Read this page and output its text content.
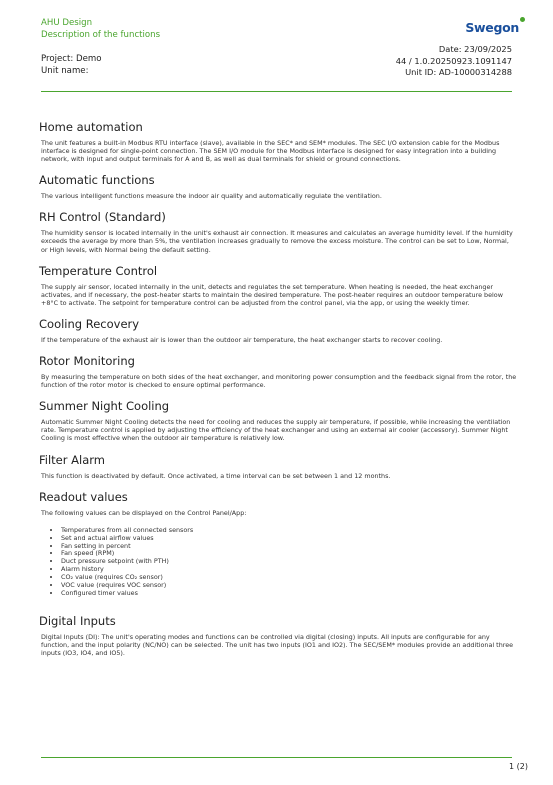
AHU Design
Description of the functions
Project: Demo
Unit name:
Swegon
Date: 23/09/2025
44 / 1.0.20250923.1091147
Unit ID: AD-10000314288
Home automation

The unit features a built-in Modbus RTU interface (slave), available in the SEC* and SEM* modules. The SEC I/O extension cable for the Modbus interface is designed for single-point connection. The SEM I/O module for the Modbus interface is designed for easy integration into a building network, with input and output terminals for A and B, as well as dual terminals for shield or ground connections.

Automatic functions

The various intelligent functions measure the indoor air quality and automatically regulate the ventilation.

RH Control (Standard)

The humidity sensor is located internally in the unit's exhaust air connection. It measures and calculates an average humidity level. If the humidity exceeds the average by more than 5%, the ventilation increases gradually to remove the excess moisture. The control can be set to Low, Normal, or High levels, with Normal being the default setting.

Temperature Control

The supply air sensor, located internally in the unit, detects and regulates the set temperature. When heating is needed, the heat exchanger activates, and if necessary, the post-heater starts to maintain the desired temperature. The post-heater requires an outdoor temperature below +8°C to activate. The setpoint for temperature control can be adjusted from the control panel, via the app, or using the weekly timer.

Cooling Recovery

If the temperature of the exhaust air is lower than the outdoor air temperature, the heat exchanger starts to recover cooling.

Rotor Monitoring

By measuring the temperature on both sides of the heat exchanger, and monitoring power consumption and the feedback signal from the rotor, the function of the rotor motor is checked to ensure optimal performance.

Summer Night Cooling

Automatic Summer Night Cooling detects the need for cooling and reduces the supply air temperature, if possible, while increasing the ventilation rate. Temperature control is applied by adjusting the efficiency of the heat exchanger and using an external air cooler (accessory). Summer Night Cooling is most effective when the outdoor air temperature is relatively low.

Filter Alarm

This function is deactivated by default. Once activated, a time interval can be set between 1 and 12 months.

Readout values

The following values can be displayed on the Control Panel/App:

• Temperatures from all connected sensors
• Set and actual airflow values
• Fan setting in percent
• Fan speed (RPM)
• Duct pressure setpoint (with PTH)
• Alarm history
• CO₂ value (requires CO₂ sensor)
• VOC value (requires VOC sensor)
• Configured timer values
Digital Inputs

Digital Inputs (DI): The unit's operating modes and functions can be controlled via digital (closing) inputs. All inputs are configurable for any function, and the input polarity (NC/NO) can be selected. The unit has two inputs (IO1 and IO2). The SEC/SEM* modules provide an additional three inputs (IO3, IO4, and IO5).

1 (2)
